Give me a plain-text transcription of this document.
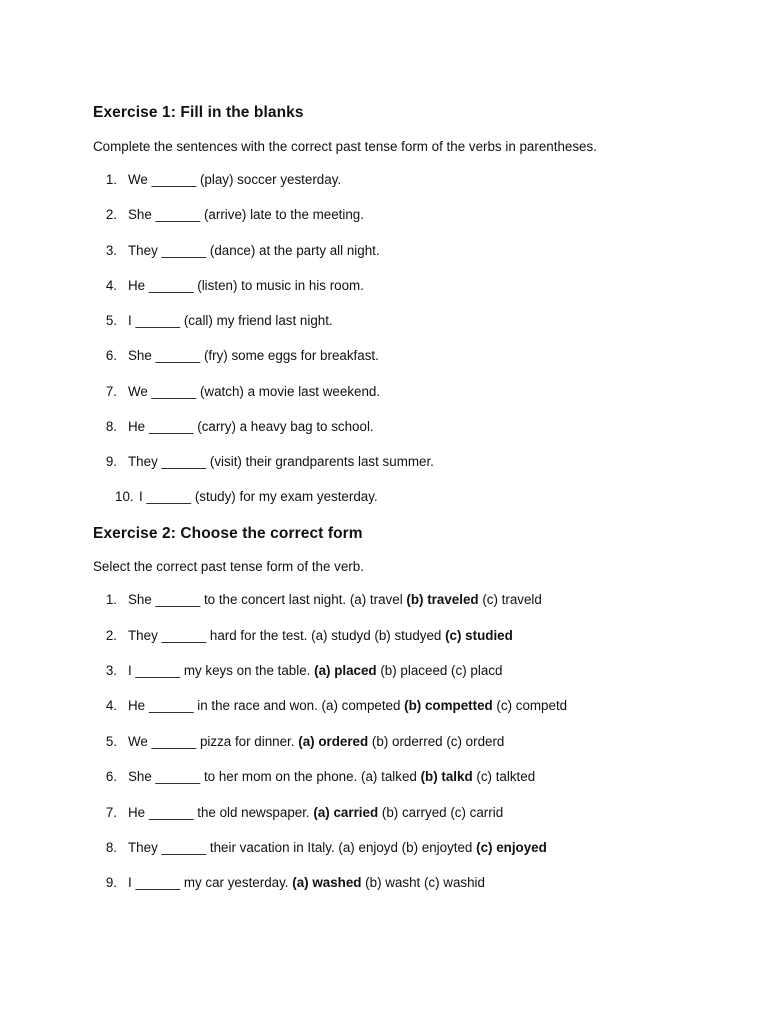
Exercise 1: Fill in the blanks
Complete the sentences with the correct past tense form of the verbs in parentheses.
1. We ______ (play) soccer yesterday.
2. She ______ (arrive) late to the meeting.
3. They ______ (dance) at the party all night.
4. He ______ (listen) to music in his room.
5. I ______ (call) my friend last night.
6. She ______ (fry) some eggs for breakfast.
7. We ______ (watch) a movie last weekend.
8. He ______ (carry) a heavy bag to school.
9. They ______ (visit) their grandparents last summer.
10. I ______ (study) for my exam yesterday.
Exercise 2: Choose the correct form
Select the correct past tense form of the verb.
1. She ______ to the concert last night. (a) travel (b) traveled (c) traveld
2. They ______ hard for the test. (a) studyd (b) studyed (c) studied
3. I ______ my keys on the table. (a) placed (b) placeed (c) placd
4. He ______ in the race and won. (a) competed (b) competted (c) competd
5. We ______ pizza for dinner. (a) ordered (b) orderred (c) orderd
6. She ______ to her mom on the phone. (a) talked (b) talkd (c) talkted
7. He ______ the old newspaper. (a) carried (b) carryed (c) carrid
8. They ______ their vacation in Italy. (a) enjoyd (b) enjoyted (c) enjoyed
9. I ______ my car yesterday. (a) washed (b) washt (c) washid
